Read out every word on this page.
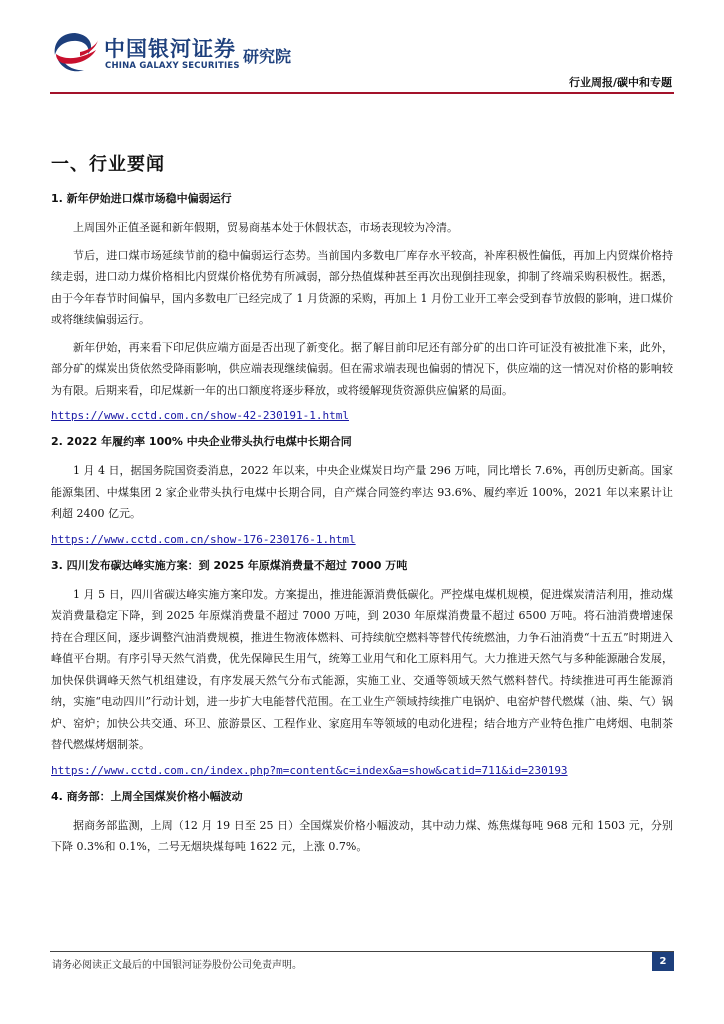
中国银河证券
CHINA GALAXY SECURITIES 研究院
行业周报/碳中和专题
一、行业要闻
1. 新年伊始进口煤市场稳中偏弱运行

上周国外正值圣诞和新年假期，贸易商基本处于休假状态，市场表现较为冷清。

节后，进口煤市场延续节前的稳中偏弱运行态势。当前国内多数电厂库存水平较高，补库积极性偏低，再加上内贸煤价格持续走弱，进口动力煤价格相比内贸煤价格优势有所减弱，部分热值煤种甚至再次出现倒挂现象，抑制了终端采购积极性。据悉，由于今年春节时间偏早，国内多数电厂已经完成了 1 月货源的采购，再加上 1 月份工业开工率会受到春节放假的影响，进口煤价或将继续偏弱运行。

新年伊始，再来看下印尼供应端方面是否出现了新变化。据了解目前印尼还有部分矿的出口许可证没有被批准下来，此外，部分矿的煤炭出货依然受降雨影响，供应端表现继续偏弱。但在需求端表现也偏弱的情况下，供应端的这一情况对价格的影响较为有限。后期来看，印尼煤新一年的出口额度将逐步释放，或将缓解现货资源供应偏紧的局面。

https://www.cctd.com.cn/show-42-230191-1.html
2. 2022 年履约率 100% 中央企业带头执行电煤中长期合同

1 月 4 日，据国务院国资委消息，2022 年以来，中央企业煤炭日均产量 296 万吨，同比增长 7.6%，再创历史新高。国家能源集团、中煤集团 2 家企业带头执行电煤中长期合同，自产煤合同签约率达 93.6%、履约率近 100%，2021 年以来累计让利超 2400 亿元。

https://www.cctd.com.cn/show-176-230176-1.html
3. 四川发布碳达峰实施方案：到 2025 年原煤消费量不超过 7000 万吨

1 月 5 日，四川省碳达峰实施方案印发。方案提出，推进能源消费低碳化。严控煤电煤机规模，促进煤炭清洁利用，推动煤炭消费量稳定下降，到 2025 年原煤消费量不超过 7000 万吨，到 2030 年原煤消费量不超过 6500 万吨。将石油消费增速保持在合理区间，逐步调整汽油消费规模，推进生物液体燃料、可持续航空燃料等替代传统燃油，力争石油消费“十五五”时期进入峰值平台期。有序引导天然气消费，优先保障民生用气，统筹工业用气和化工原料用气。大力推进天然气与多种能源融合发展，加快保供调峰天然气机组建设，有序发展天然气分布式能源，实施工业、交通等领域天然气燃料替代。持续推进可再生能源消纳，实施“电动四川”行动计划，进一步扩大电能替代范围。在工业生产领域持续推广电锅炉、电窑炉替代燃煤（油、柴、气）锅炉、窑炉；加快公共交通、环卫、旅游景区、工程作业、家庭用车等领域的电动化进程；结合地方产业特色推广电烤烟、电制茶替代燃煤烤烟制茶。

https://www.cctd.com.cn/index.php?m=content&c=index&a=show&catid=711&id=230193
4. 商务部：上周全国煤炭价格小幅波动

据商务部监测，上周（12 月 19 日至 25 日）全国煤炭价格小幅波动，其中动力煤、炼焦煤每吨 968 元和 1503 元，分别下降 0.3%和 0.1%，二号无烟块煤每吨 1622 元，上涨 0.7%。

请务必阅读正文最后的中国银河证券股份公司免责声明。	2
